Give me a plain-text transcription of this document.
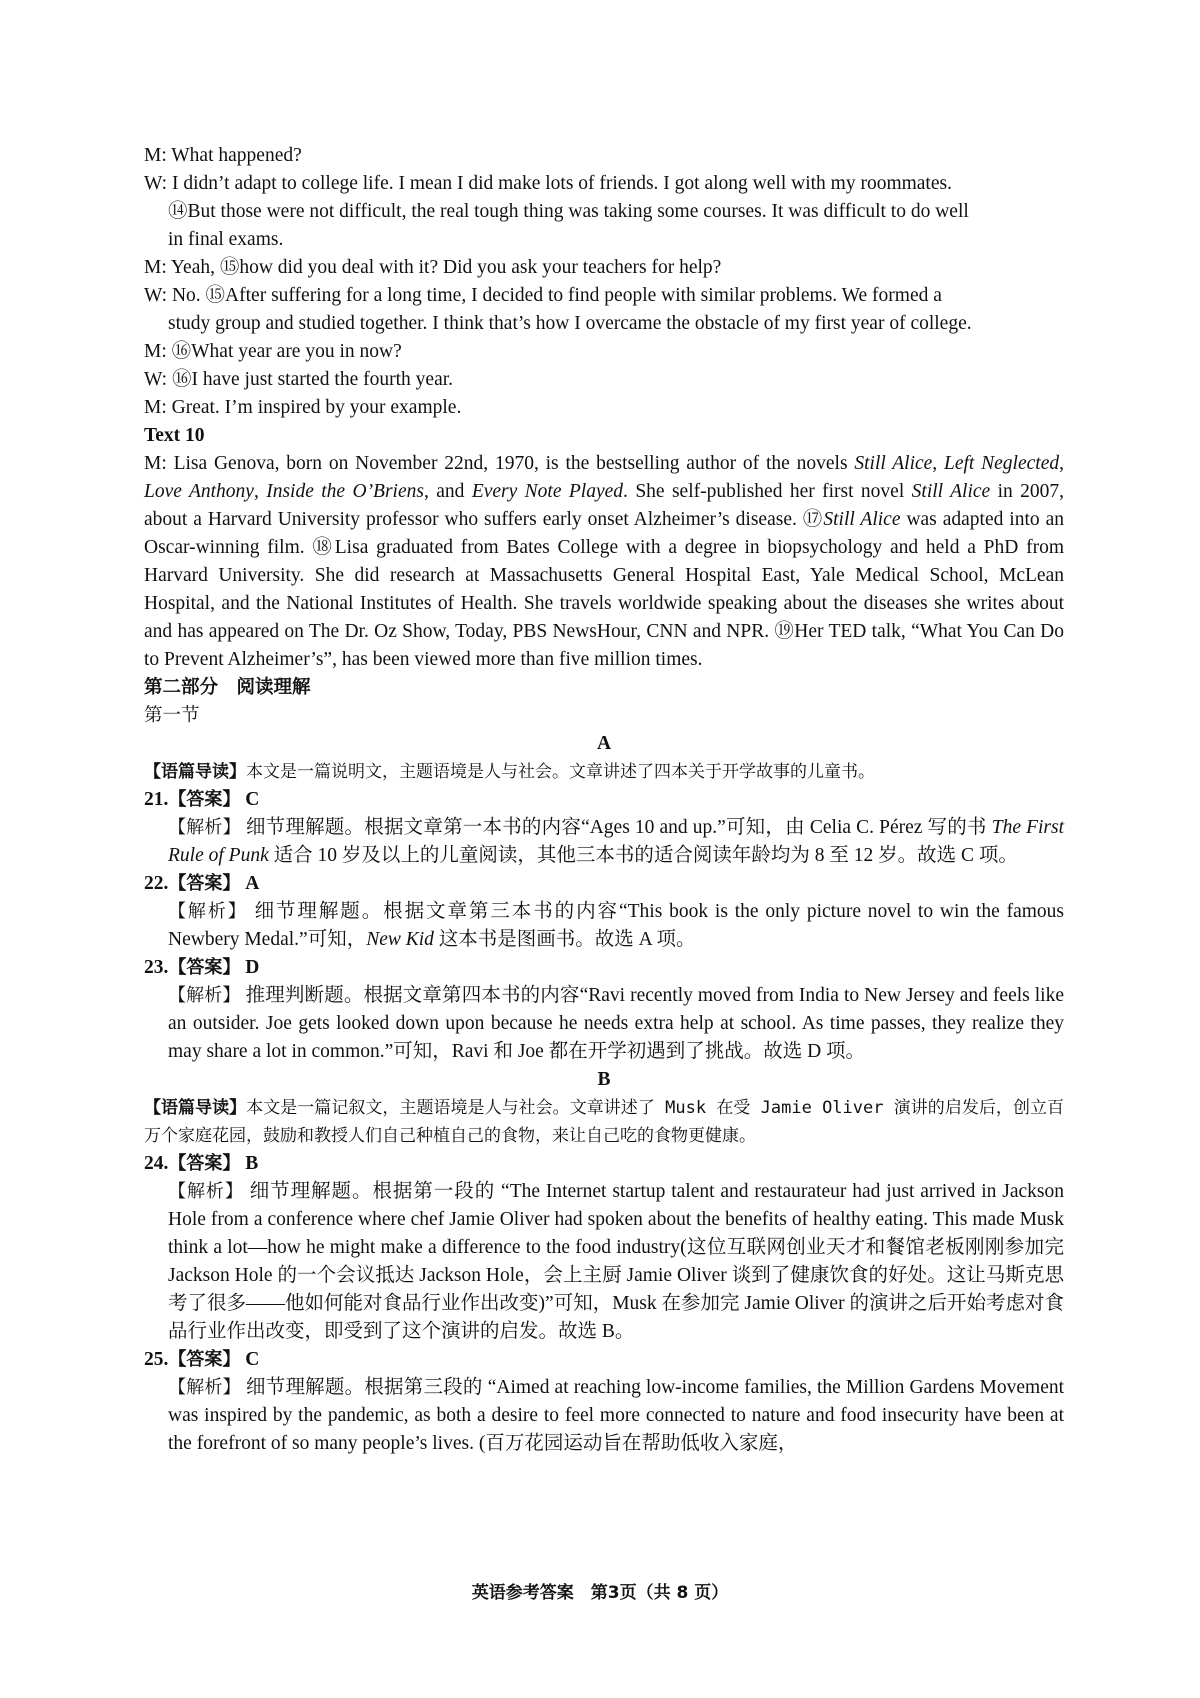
M: What happened?

W: I didn’t adapt to college life. I mean I did make lots of friends. I got along well with my roommates.

⑭But those were not difficult, the real tough thing was taking some courses. It was difficult to do well

in final exams.

M: Yeah, ⑮how did you deal with it? Did you ask your teachers for help?

W: No. ⑮After suffering for a long time, I decided to find people with similar problems. We formed a

study group and studied together. I think that’s how I overcame the obstacle of my first year of college.

M: ⑯What year are you in now?

W: ⑯I have just started the fourth year.

M: Great. I’m inspired by your example.

Text 10

M: Lisa Genova, born on November 22nd, 1970, is the bestselling author of the novels Still Alice, Left Neglected, Love Anthony, Inside the O’Briens, and Every Note Played. She self-published her first novel Still Alice in 2007, about a Harvard University professor who suffers early onset Alzheimer’s disease. ⑰Still Alice was adapted into an Oscar-winning film. ⑱Lisa graduated from Bates College with a degree in biopsychology and held a PhD from Harvard University. She did research at Massachusetts General Hospital East, Yale Medical School, McLean Hospital, and the National Institutes of Health. She travels worldwide speaking about the diseases she writes about and has appeared on The Dr. Oz Show, Today, PBS NewsHour, CNN and NPR. ⑲Her TED talk, “What You Can Do to Prevent Alzheimer’s”, has been viewed more than five million times.

第二部分　阅读理解

第一节

A

【语篇导读】本文是一篇说明文，主题语境是人与社会。文章讲述了四本关于开学故事的儿童书。

21.【答案】 C

【解析】 细节理解题。根据文章第一本书的内容“Ages 10 and up.”可知，由 Celia C. Pérez 写的书 The First Rule of Punk 适合 10 岁及以上的儿童阅读，其他三本书的适合阅读年龄均为 8 至 12 岁。故选 C 项。

22.【答案】 A

【解析】 细节理解题。根据文章第三本书的内容“This book is the only picture novel to win the famous Newbery Medal.”可知，New Kid 这本书是图画书。故选 A 项。

23.【答案】 D

【解析】 推理判断题。根据文章第四本书的内容“Ravi recently moved from India to New Jersey and feels like an outsider. Joe gets looked down upon because he needs extra help at school. As time passes, they realize they may share a lot in common.”可知，Ravi 和 Joe 都在开学初遇到了挑战。故选 D 项。

B

【语篇导读】本文是一篇记叙文，主题语境是人与社会。文章讲述了 Musk 在受 Jamie Oliver 演讲的启发后，创立百万个家庭花园，鼓励和教授人们自己种植自己的食物，来让自己吃的食物更健康。

24.【答案】 B

【解析】 细节理解题。根据第一段的 “The Internet startup talent and restaurateur had just arrived in Jackson Hole from a conference where chef Jamie Oliver had spoken about the benefits of healthy eating. This made Musk think a lot—how he might make a difference to the food industry(这位互联网创业天才和餐馆老板刚刚参加完 Jackson Hole 的一个会议抵达 Jackson Hole，会上主厨 Jamie Oliver 谈到了健康饮食的好处。这让马斯克思考了很多——他如何能对食品行业作出改变)”可知，Musk 在参加完 Jamie Oliver 的演讲之后开始考虑对食品行业作出改变，即受到了这个演讲的启发。故选 B。

25.【答案】 C

【解析】 细节理解题。根据第三段的 “Aimed at reaching low-income families, the Million Gardens Movement was inspired by the pandemic, as both a desire to feel more connected to nature and food insecurity have been at the forefront of so many people’s lives. (百万花园运动旨在帮助低收入家庭，

英语参考答案　第3页（共 8 页）
